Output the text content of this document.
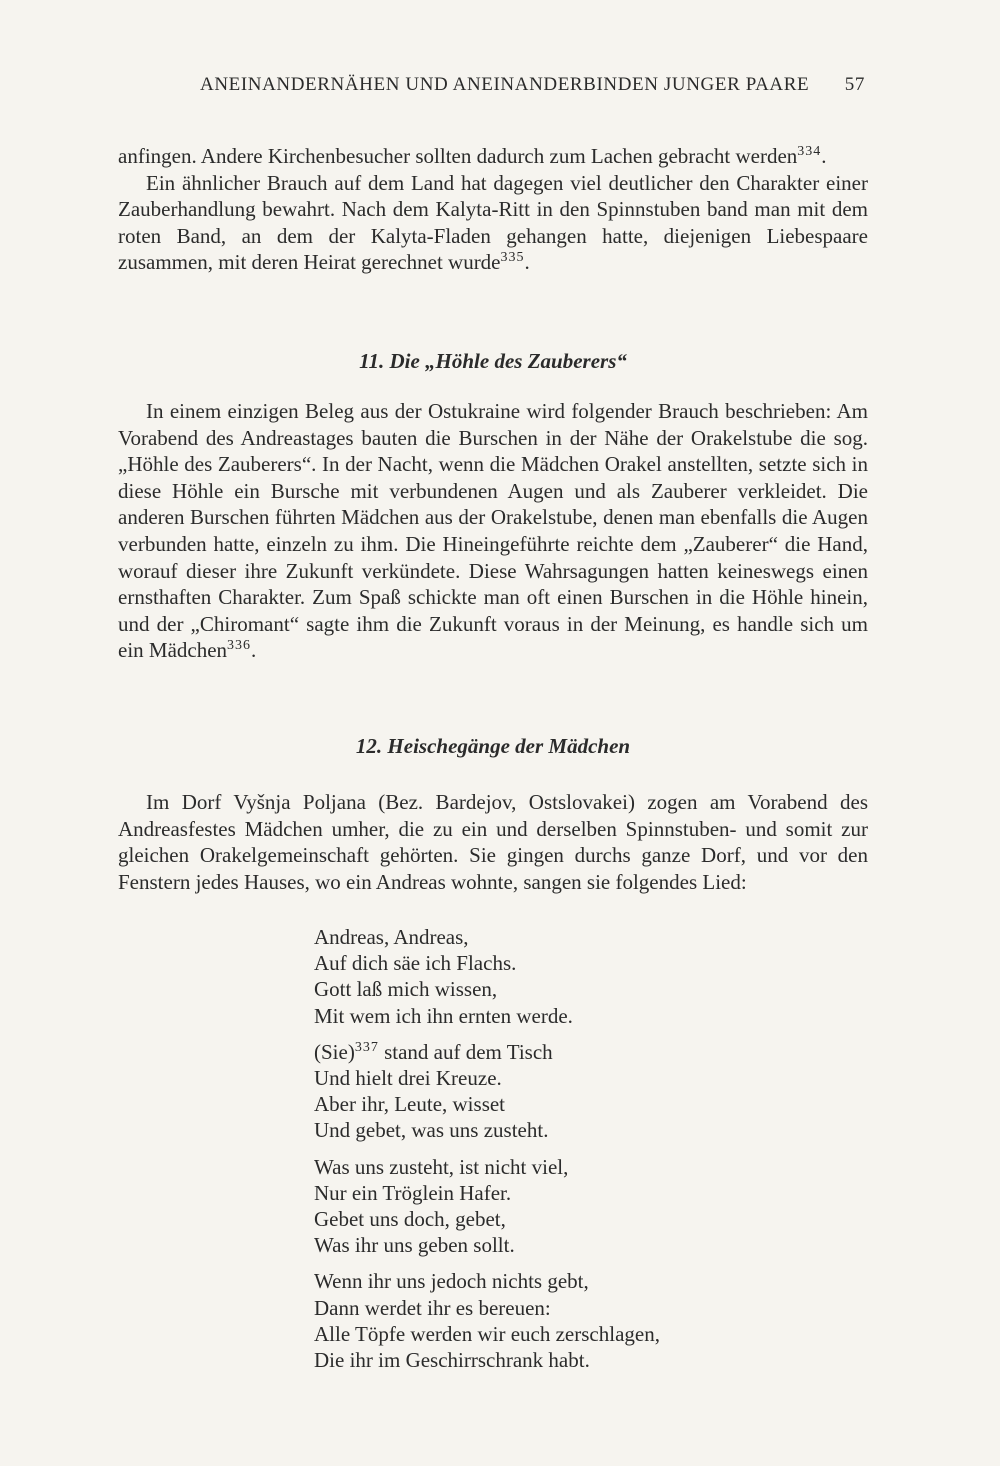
ANEINANDERNÄHEN UND ANEINANDERBINDEN JUNGER PAARE 57

anfingen. Andere Kirchenbesucher sollten dadurch zum Lachen gebracht werden$^{334}$.

Ein ähnlicher Brauch auf dem Land hat dagegen viel deutlicher den Charakter einer Zauberhandlung bewahrt. Nach dem Kalyta-Ritt in den Spinnstuben band man mit dem roten Band, an dem der Kalyta-Fladen gehangen hatte, diejenigen Liebespaare zusammen, mit deren Heirat gerechnet wurde$^{335}$.

11. Die „Höhle des Zauberers“

In einem einzigen Beleg aus der Ostukraine wird folgender Brauch beschrieben: Am Vorabend des Andreastages bauten die Burschen in der Nähe der Orakelstube die sog. „Höhle des Zauberers“. In der Nacht, wenn die Mädchen Orakel anstellten, setzte sich in diese Höhle ein Bursche mit verbundenen Augen und als Zauberer verkleidet. Die anderen Burschen führten Mädchen aus der Orakelstube, denen man ebenfalls die Augen verbunden hatte, einzeln zu ihm. Die Hineingeführte reichte dem „Zauberer“ die Hand, worauf dieser ihre Zukunft verkündete. Diese Wahrsagungen hatten keineswegs einen ernsthaften Charakter. Zum Spaß schickte man oft einen Burschen in die Höhle hinein, und der „Chiromant“ sagte ihm die Zukunft voraus in der Meinung, es handle sich um ein Mädchen$^{336}$.

12. Heischegänge der Mädchen

Im Dorf Vyšnja Poljana (Bez. Bardejov, Ostslovakei) zogen am Vorabend des Andreasfestes Mädchen umher, die zu ein und derselben Spinnstuben- und somit zur gleichen Orakelgemeinschaft gehörten. Sie gingen durchs ganze Dorf, und vor den Fenstern jedes Hauses, wo ein Andreas wohnte, sangen sie folgendes Lied:

Andreas, Andreas,
Auf dich säe ich Flachs.
Gott laß mich wissen,
Mit wem ich ihn ernten werde.
(Sie)$^{337}$ stand auf dem Tisch
Und hielt drei Kreuze.
Aber ihr, Leute, wisset
Und gebet, was uns zusteht.
Was uns zusteht, ist nicht viel,
Nur ein Tröglein Hafer.
Gebet uns doch, gebet,
Was ihr uns geben sollt.
Wenn ihr uns jedoch nichts gebt,
Dann werdet ihr es bereuen:
Alle Töpfe werden wir euch zerschlagen,
Die ihr im Geschirrschrank habt.
